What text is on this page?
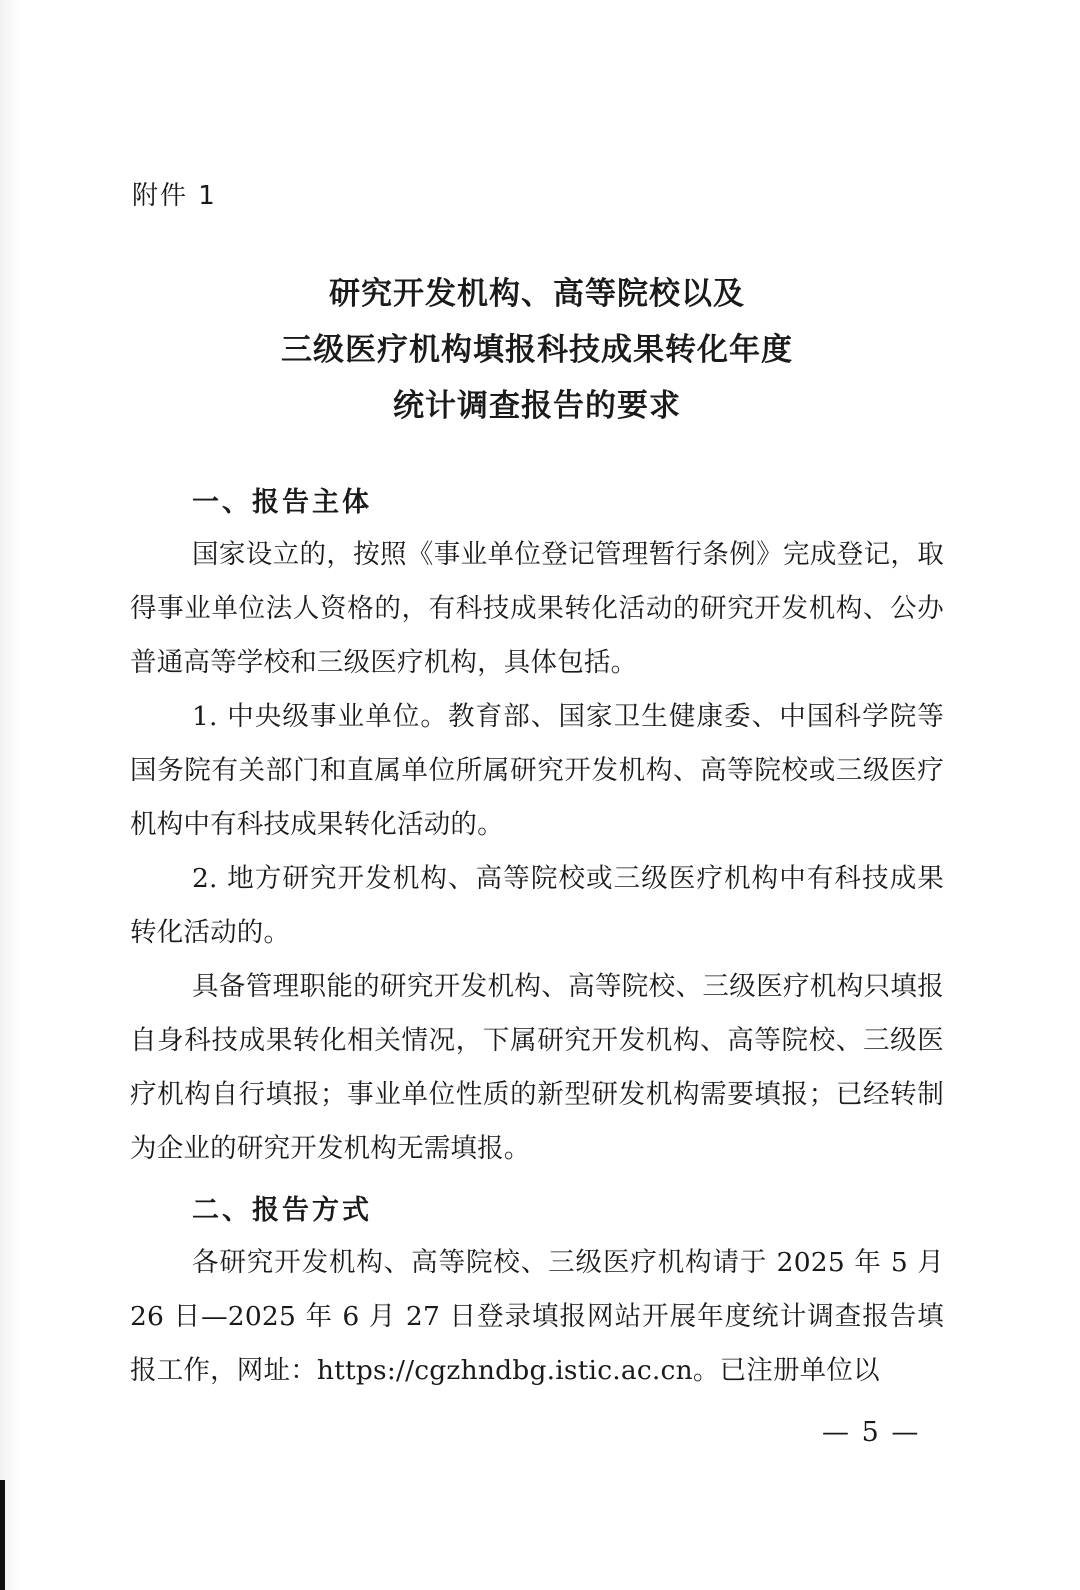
附件 1
研究开发机构、高等院校以及
三级医疗机构填报科技成果转化年度
统计调查报告的要求
一、报告主体
国家设立的，按照《事业单位登记管理暂行条例》完成登记，取得事业单位法人资格的，有科技成果转化活动的研究开发机构、公办普通高等学校和三级医疗机构，具体包括。
1. 中央级事业单位。教育部、国家卫生健康委、中国科学院等国务院有关部门和直属单位所属研究开发机构、高等院校或三级医疗机构中有科技成果转化活动的。
2. 地方研究开发机构、高等院校或三级医疗机构中有科技成果转化活动的。
具备管理职能的研究开发机构、高等院校、三级医疗机构只填报自身科技成果转化相关情况，下属研究开发机构、高等院校、三级医疗机构自行填报；事业单位性质的新型研发机构需要填报；已经转制为企业的研究开发机构无需填报。
二、报告方式
各研究开发机构、高等院校、三级医疗机构请于 2025 年 5 月 26 日—2025 年 6 月 27 日登录填报网站开展年度统计调查报告填报工作，网址：https://cgzhndbg.istic.ac.cn。已注册单位以
— 5 —
